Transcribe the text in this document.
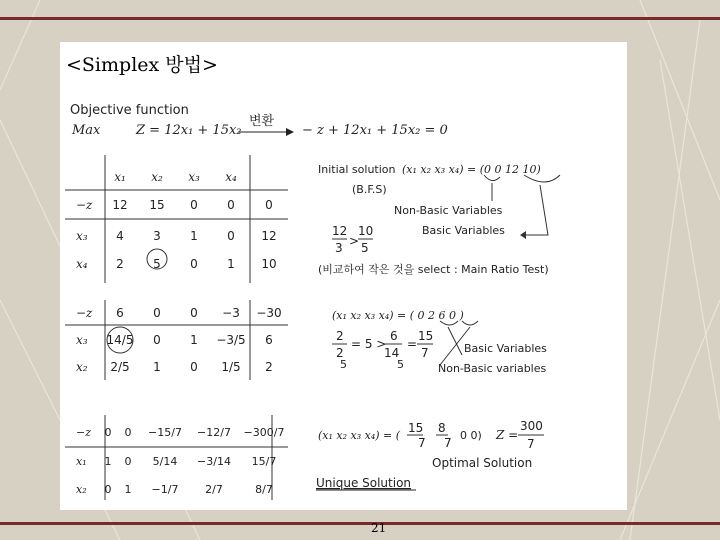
<Simplex 방법>
Objective function
Max	Z = 12x₁ + 15x₂
변환
− z + 12x₁ + 15x₂ = 0
x₁ x₂ x₃ x₄
−z 12 15 0 0	0
x₃ 4 3 1 0 12
x₄ 2 5 0 1 10
−z 6 0 0 −3 −30
x₃ 14/5 0 1 −3/5 6
x₂ 2/5 1 0 1/5 2
−z 0 0 −15/7 −12/7 −300/7
x₁ 1 0 5/14 −3/14 15/7
x₂ 0 1 −1/7 2/7	8/7
Initial solution (x₁ x₂ x₃ x₄) = (0 0 12 10)
(B.F.S)
Non-Basic Variables
Basic Variables
12
3 >
10
5
(비교하여 작은 것을 select : Main Ratio Test)
(x₁ x₂ x₃ x₄) = ( 0 2 6 0 )
2
2
5
= 5 >
6
14
5
=
15
7	Basic Variables
Non-Basic variables
(x₁ x₂ x₃ x₄) = (
15
7
8
7
0 0) Z =
300
7
Optimal Solution
Unique Solution
21
